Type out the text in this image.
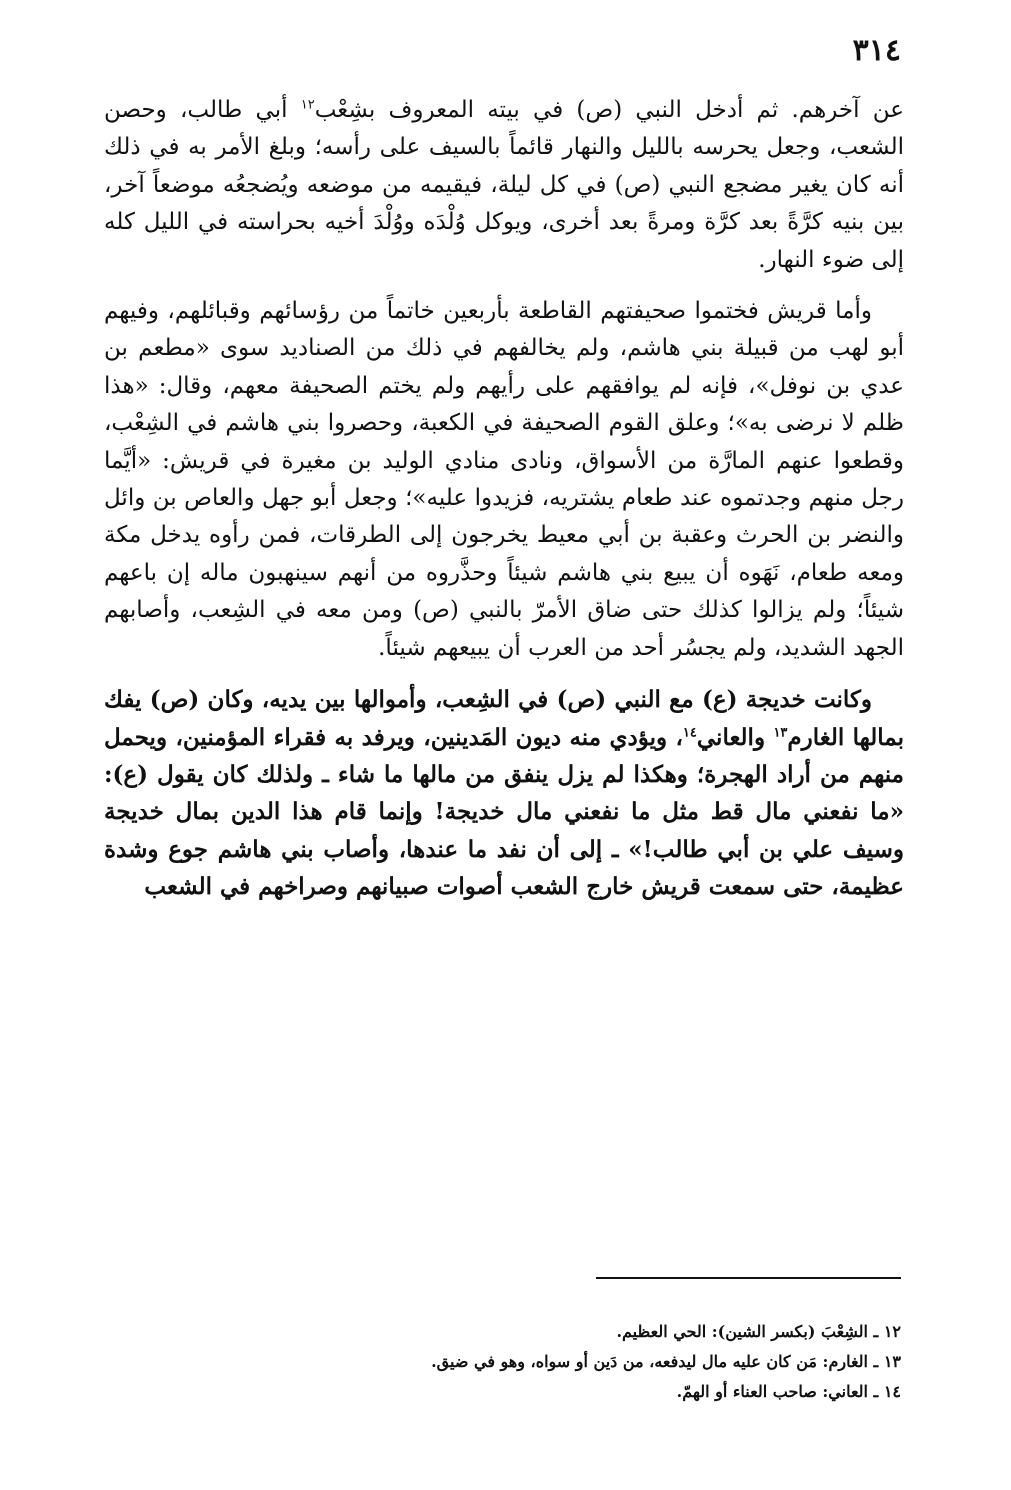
٣١٤

عن آخرهم. ثم أدخل النبي (ص) في بيته المعروف بشِعْب$^{١٢}$ أبي طالب، وحصن الشعب، وجعل يحرسه بالليل والنهار قائماً بالسيف على رأسه؛ وبلغ الأمر به في ذلك أنه كان يغير مضجع النبي (ص) في كل ليلة، فيقيمه من موضعه ويُضجعُه موضعاً آخر، بين بنيه كرَّةً بعد كرَّة ومرةً بعد أخرى، ويوكل وُلْدَه ووُلْدَ أخيه بحراسته في الليل كله إلى ضوء النهار.

وأما قريش فختموا صحيفتهم القاطعة بأربعين خاتماً من رؤسائهم وقبائلهم، وفيهم أبو لهب من قبيلة بني هاشم، ولم يخالفهم في ذلك من الصناديد سوى «مطعم بن عدي بن نوفل»، فإنه لم يوافقهم على رأيهم ولم يختم الصحيفة معهم، وقال: «هذا ظلم لا نرضى به»؛ وعلق القوم الصحيفة في الكعبة، وحصروا بني هاشم في الشِعْب، وقطعوا عنهم المارَّة من الأسواق، ونادى منادي الوليد بن مغيرة في قريش: «أيَّما رجل منهم وجدتموه عند طعام يشتريه، فزيدوا عليه»؛ وجعل أبو جهل والعاص بن وائل والنضر بن الحرث وعقبة بن أبي معيط يخرجون إلى الطرقات، فمن رأوه يدخل مكة ومعه طعام، نَهَوه أن يبيع بني هاشم شيئاً وحذَّروه من أنهم سينهبون ماله إن باعهم شيئاً؛ ولم يزالوا كذلك حتى ضاق الأمرّ بالنبي (ص) ومن معه في الشِعب، وأصابهم الجهد الشديد، ولم يجسُر أحد من العرب أن يبيعهم شيئاً.

وكانت خديجة (ع) مع النبي (ص) في الشِعب، وأموالها بين يديه، وكان (ص) يفك بمالها الغارم$^{١٣}$ والعاني$^{١٤}$، ويؤدي منه ديون المَدينين، ويرفد به فقراء المؤمنين، ويحمل منهم من أراد الهجرة؛ وهكذا لم يزل ينفق من مالها ما شاء ـ ولذلك كان يقول (ع): «ما نفعني مال قط مثل ما نفعني مال خديجة! وإنما قام هذا الدين بمال خديجة وسيف علي بن أبي طالب!» ـ إلى أن نفد ما عندها، وأصاب بني هاشم جوع وشدة عظيمة، حتى سمعت قريش خارج الشعب أصوات صبيانهم وصراخهم في الشعب

١٢ ـ الشِعْبَ (بكسر الشين): الحي العظيم.

١٣ ـ الغارم: مَن كان عليه مال ليدفعه، من دَين أو سواه، وهو في ضيق.

١٤ ـ العاني: صاحب العناء أو الهمّ.
